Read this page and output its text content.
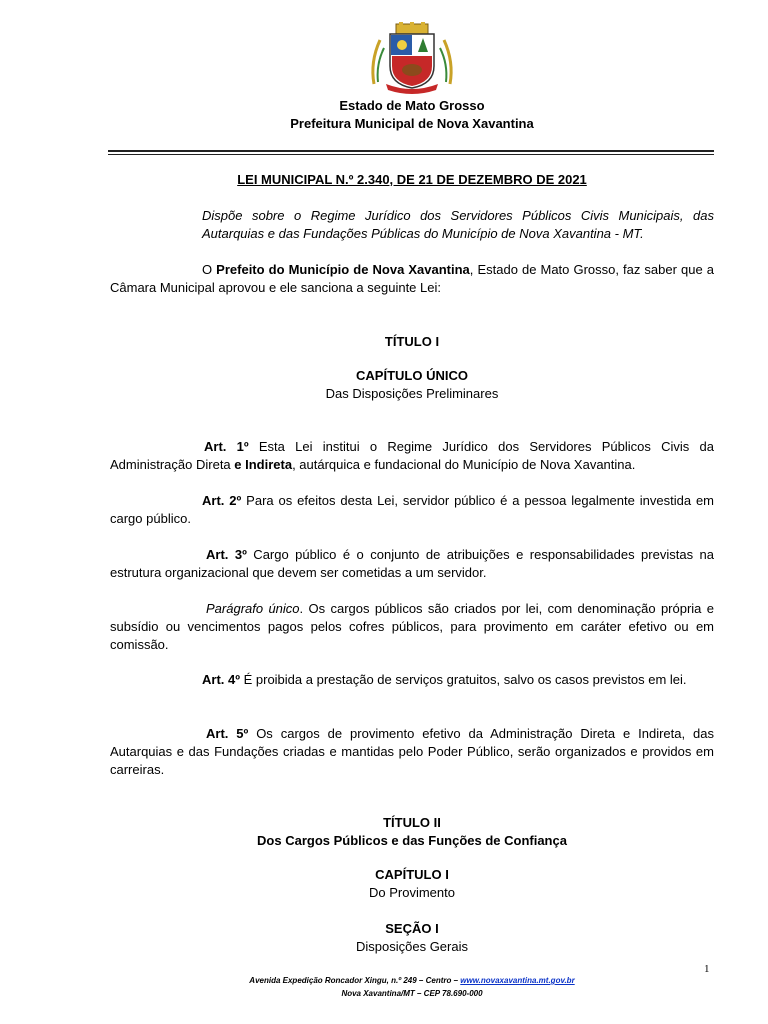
Estado de Mato Grosso
Prefeitura Municipal de Nova Xavantina
LEI MUNICIPAL N.º 2.340, DE 21 DE DEZEMBRO DE 2021
Dispõe sobre o Regime Jurídico dos Servidores Públicos Civis Municipais, das Autarquias e das Fundações Públicas do Município de Nova Xavantina - MT.
O Prefeito do Município de Nova Xavantina, Estado de Mato Grosso, faz saber que a Câmara Municipal aprovou e ele sanciona a seguinte Lei:
TÍTULO I
CAPÍTULO ÚNICO
Das Disposições Preliminares
Art. 1º Esta Lei institui o Regime Jurídico dos Servidores Públicos Civis da Administração Direta e Indireta, autárquica e fundacional do Município de Nova Xavantina.
Art. 2º Para os efeitos desta Lei, servidor público é a pessoa legalmente investida em cargo público.
Art. 3º Cargo público é o conjunto de atribuições e responsabilidades previstas na estrutura organizacional que devem ser cometidas a um servidor.
Parágrafo único. Os cargos públicos são criados por lei, com denominação própria e subsídio ou vencimentos pagos pelos cofres públicos, para provimento em caráter efetivo ou em comissão.
Art. 4º É proibida a prestação de serviços gratuitos, salvo os casos previstos em lei.
Art. 5º Os cargos de provimento efetivo da Administração Direta e Indireta, das Autarquias e das Fundações criadas e mantidas pelo Poder Público, serão organizados e providos em carreiras.
TÍTULO II
Dos Cargos Públicos e das Funções de Confiança
CAPÍTULO I
Do Provimento
SEÇÃO I
Disposições Gerais
1
Avenida Expedição Roncador Xingu, n.º 249 – Centro – www.novaxavantina.mt.gov.br
Nova Xavantina/MT – CEP 78.690-000
